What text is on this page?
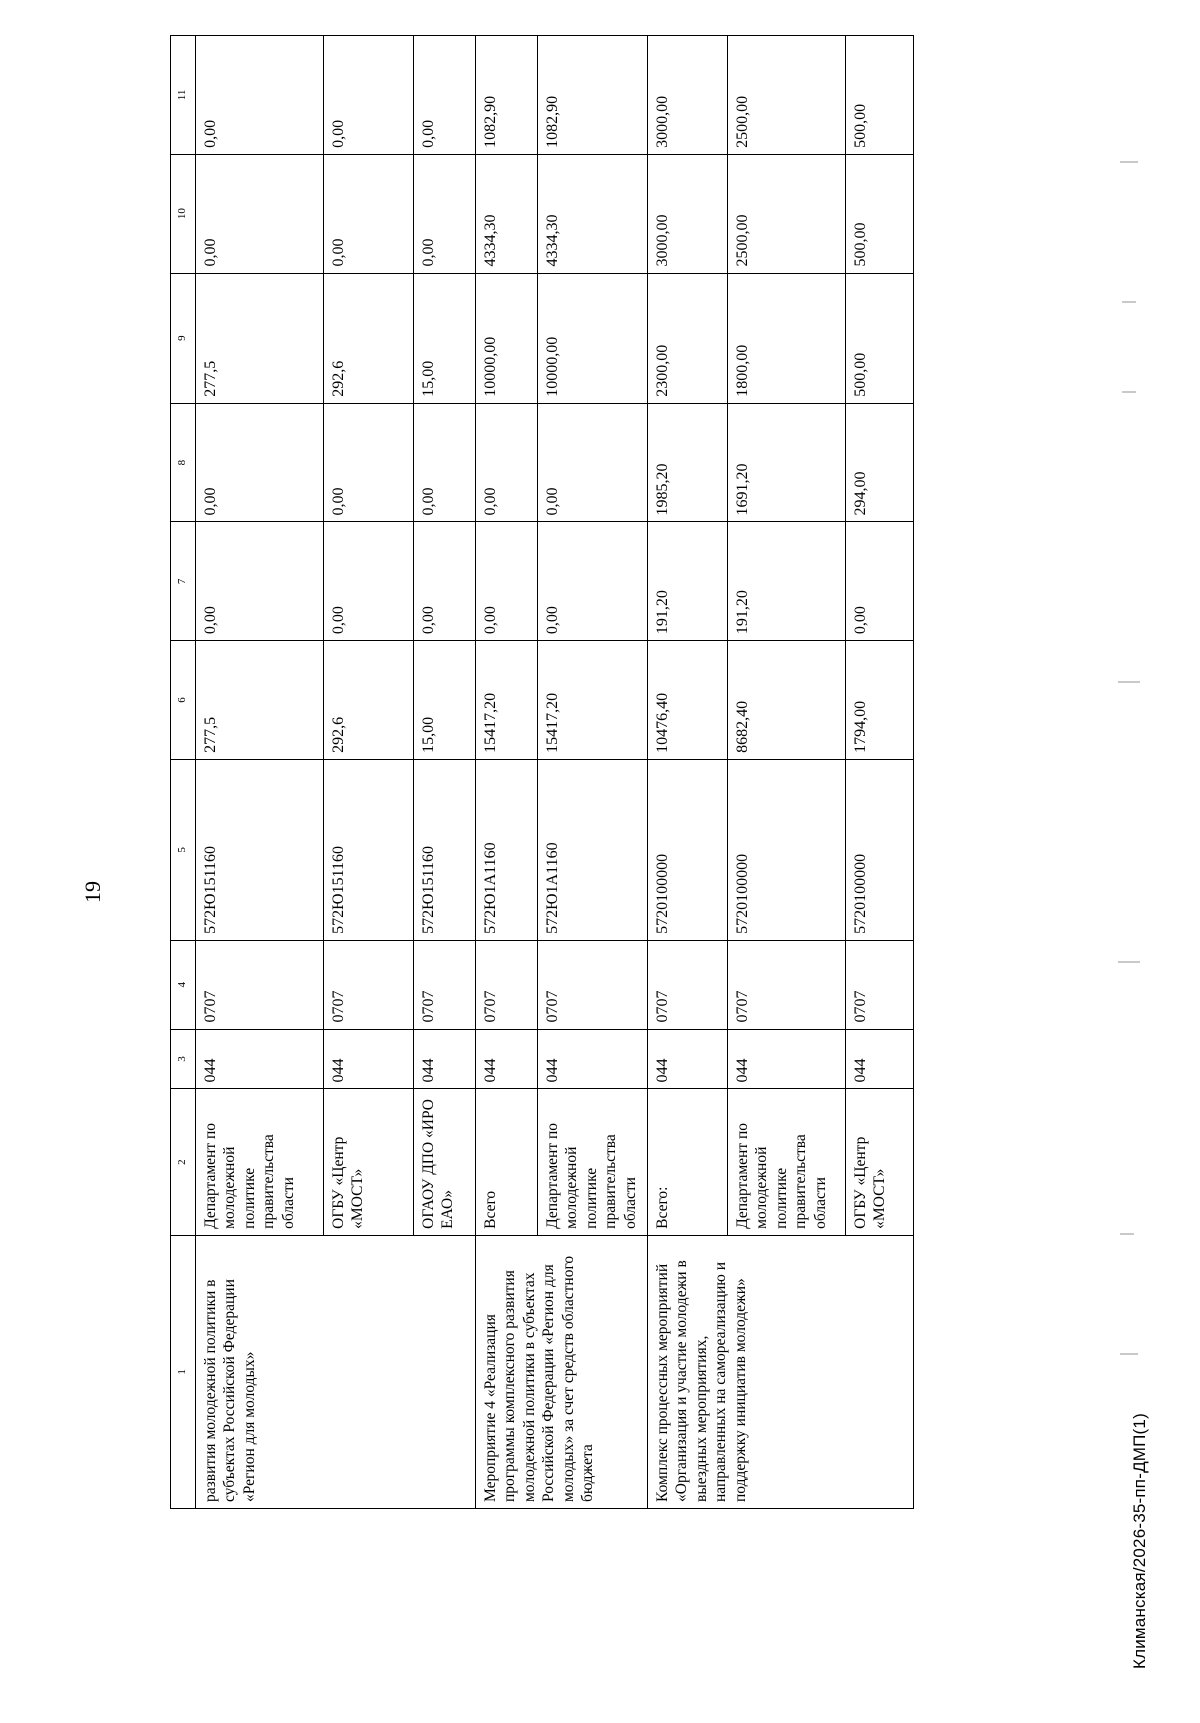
19
1	2	3	4	5	6	7	8	9	10	11
развития молодежной политики в субъектах Российской Федерации «Регион для молодых»	Департамент по молодежной политике правительства области	044	0707	572Ю151160	277,5	0,00	0,00	277,5	0,00	0,00
	ОГБУ «Центр «МОСТ»	044	0707	572Ю151160	292,6	0,00	0,00	292,6	0,00	0,00
	ОГАОУ ДПО «ИРО ЕАО»	044	0707	572Ю151160	15,00	0,00	0,00	15,00	0,00	0,00
Мероприятие 4 «Реализация программы комплексного развития молодежной политики в субъектах Российской Федерации «Регион для молодых» за счет средств областного бюджета	Всего	044	0707	572Ю1А1160	15417,20	0,00	0,00	10000,00	4334,30	1082,90
	Департамент по молодежной политике правительства области	044	0707	572Ю1А1160	15417,20	0,00	0,00	10000,00	4334,30	1082,90
Комплекс процессных мероприятий «Организация и участие молодежи в выездных мероприятиях, направленных на самореализацию и поддержку инициатив молодежи»	Всего:	044	0707	5720100000	10476,40	191,20	1985,20	2300,00	3000,00	3000,00
	Департамент по молодежной политике правительства области	044	0707	5720100000	8682,40	191,20	1691,20	1800,00	2500,00	2500,00
	ОГБУ «Центр «МОСТ»	044	0707	5720100000	1794,00	0,00	294,00	500,00	500,00	500,00
Климанская/2026-35-пп-ДМП(1)
